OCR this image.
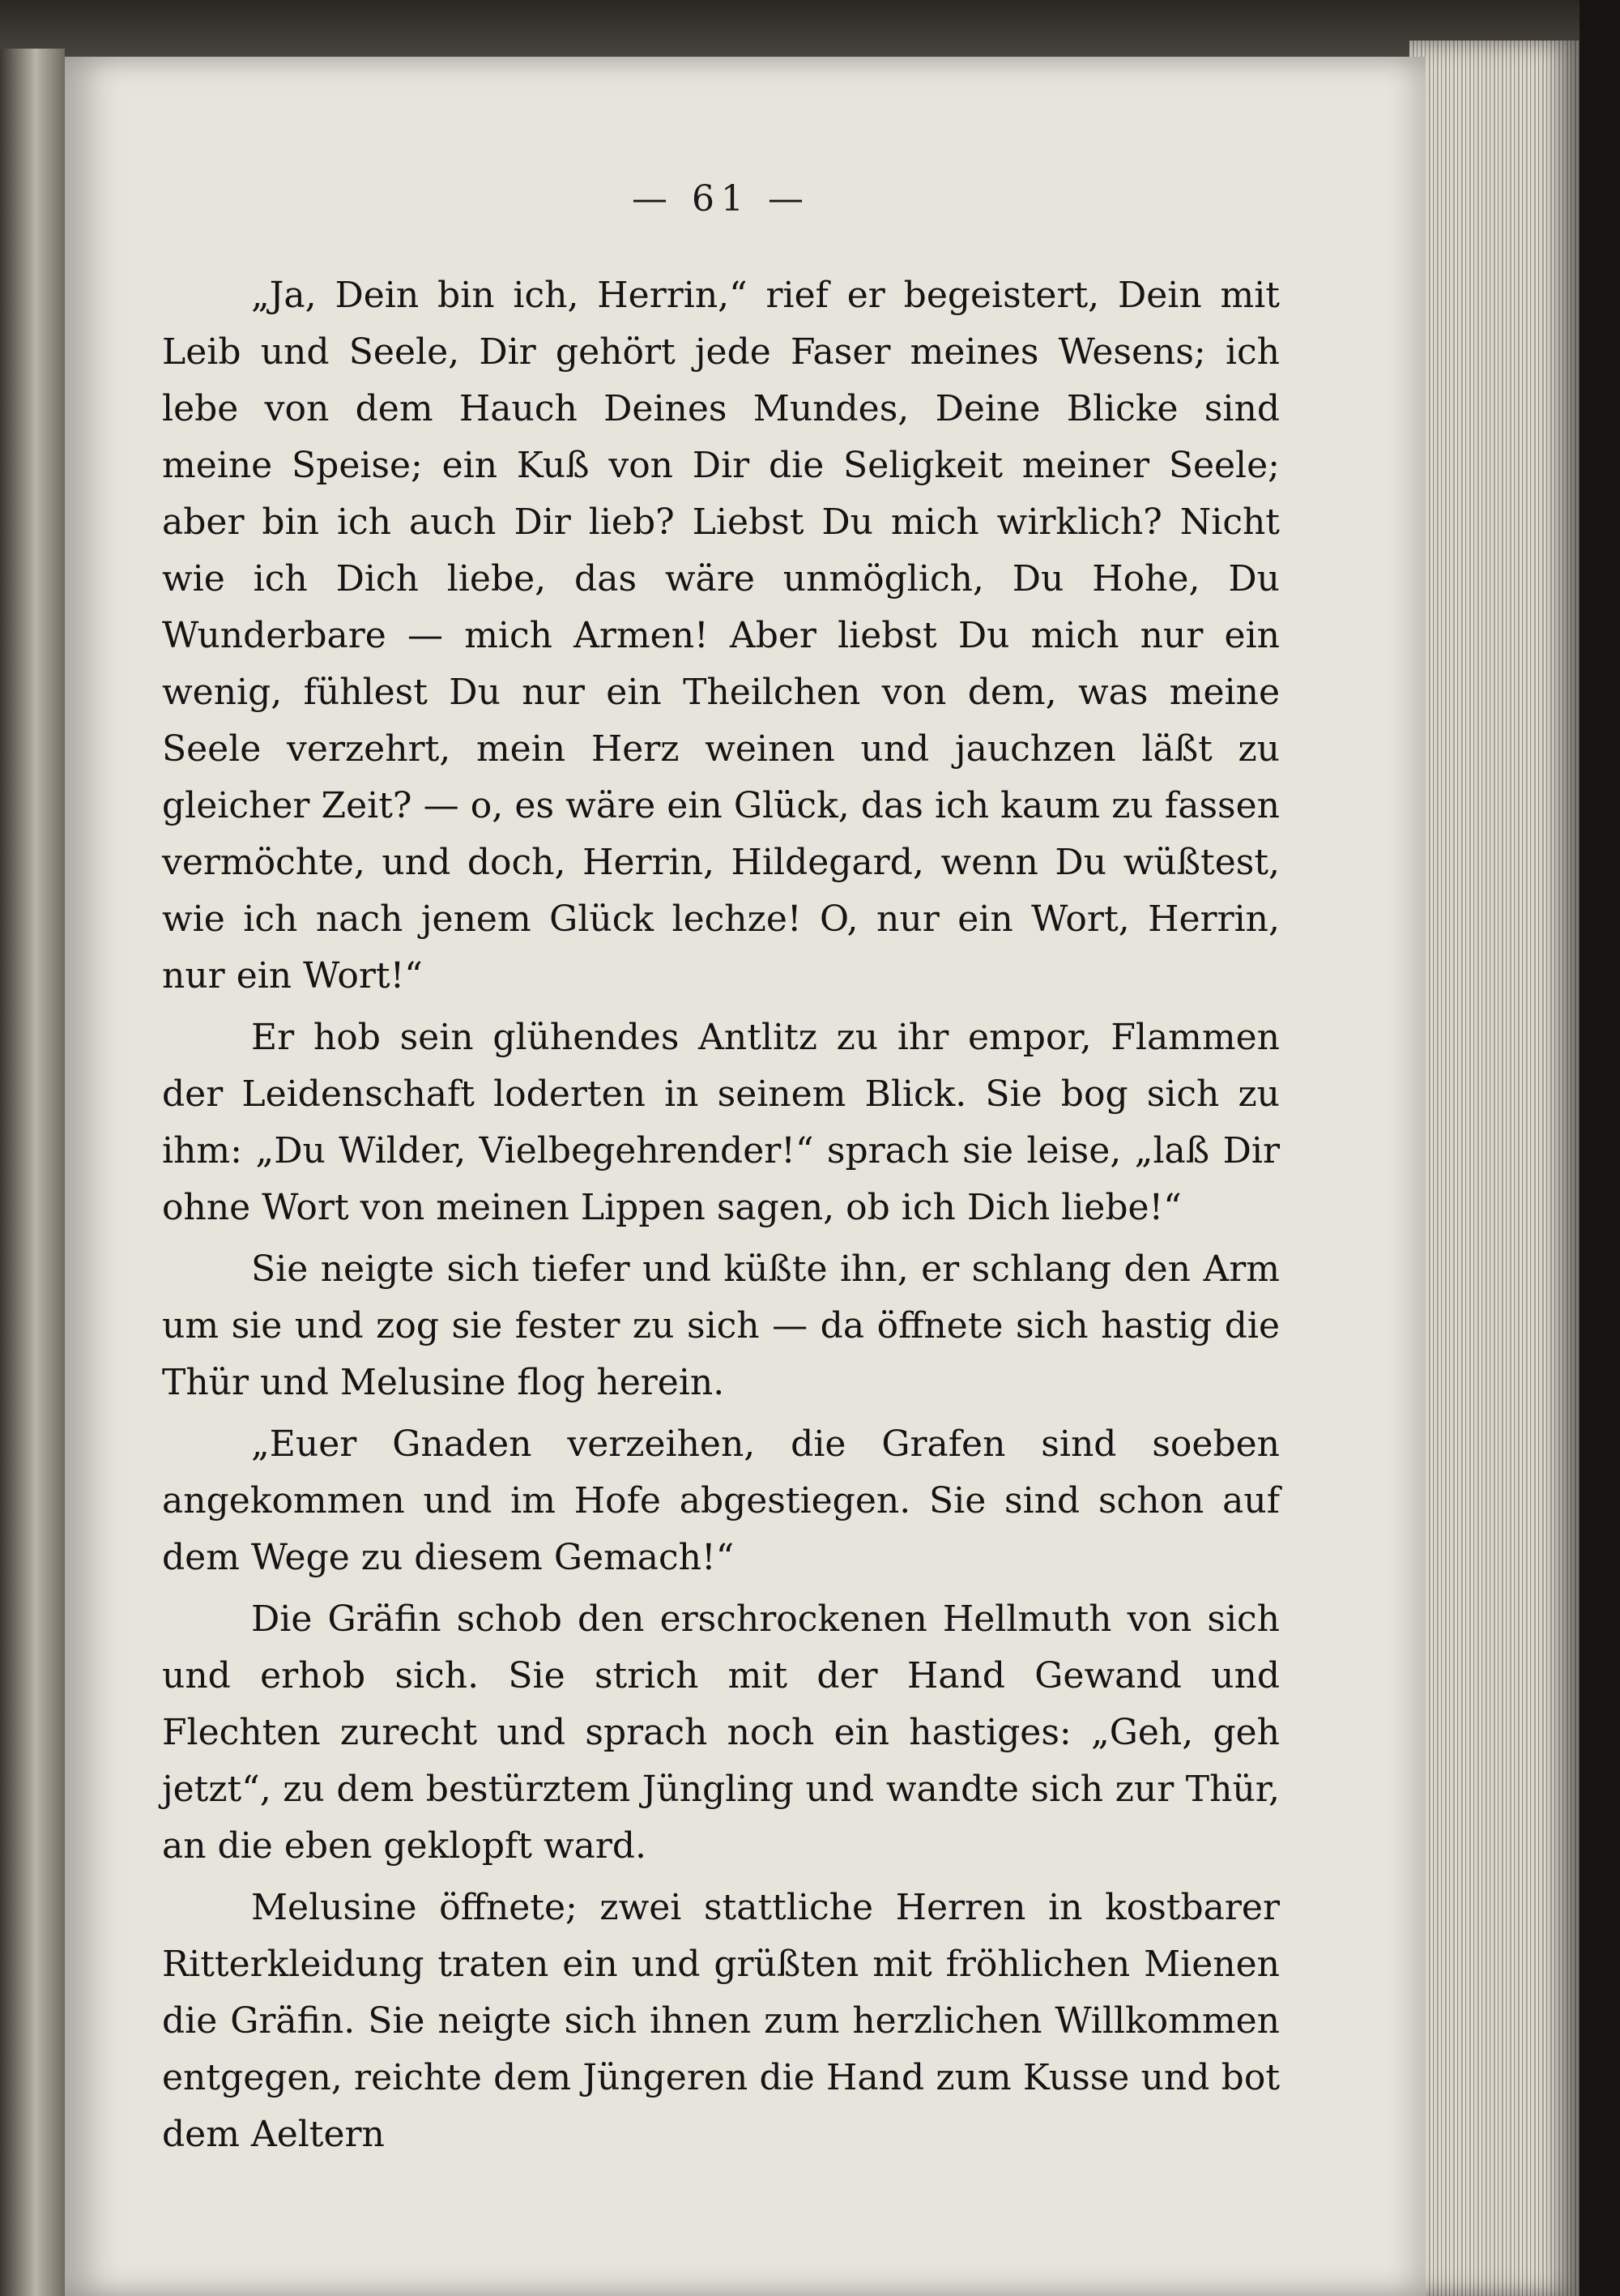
— 61 —

„Ja, Dein bin ich, Herrin,“ rief er begeistert, Dein mit Leib und Seele, Dir gehört jede Faser meines Wesens; ich lebe von dem Hauch Deines Mundes, Deine Blicke sind meine Speise; ein Kuß von Dir die Seligkeit meiner Seele; aber bin ich auch Dir lieb? Liebst Du mich wirklich? Nicht wie ich Dich liebe, das wäre unmöglich, Du Hohe, Du Wunderbare — mich Armen! Aber liebst Du mich nur ein wenig, fühlest Du nur ein Theilchen von dem, was meine Seele verzehrt, mein Herz weinen und jauchzen läßt zu gleicher Zeit? — o, es wäre ein Glück, das ich kaum zu fassen vermöchte, und doch, Herrin, Hildegard, wenn Du wüßtest, wie ich nach jenem Glück lechze! O, nur ein Wort, Herrin, nur ein Wort!“

Er hob sein glühendes Antlitz zu ihr empor, Flammen der Leidenschaft loderten in seinem Blick. Sie bog sich zu ihm: „Du Wilder, Vielbegehrender!“ sprach sie leise, „laß Dir ohne Wort von meinen Lippen sagen, ob ich Dich liebe!“

Sie neigte sich tiefer und küßte ihn, er schlang den Arm um sie und zog sie fester zu sich — da öffnete sich hastig die Thür und Melusine flog herein.

„Euer Gnaden verzeihen, die Grafen sind soeben angekommen und im Hofe abgestiegen. Sie sind schon auf dem Wege zu diesem Gemach!“

Die Gräfin schob den erschrockenen Hellmuth von sich und erhob sich. Sie strich mit der Hand Gewand und Flechten zurecht und sprach noch ein hastiges: „Geh, geh jetzt“, zu dem bestürztem Jüngling und wandte sich zur Thür, an die eben geklopft ward.

Melusine öffnete; zwei stattliche Herren in kostbarer Ritterkleidung traten ein und grüßten mit fröhlichen Mienen die Gräfin. Sie neigte sich ihnen zum herzlichen Willkommen entgegen, reichte dem Jüngeren die Hand zum Kusse und bot dem Aeltern
